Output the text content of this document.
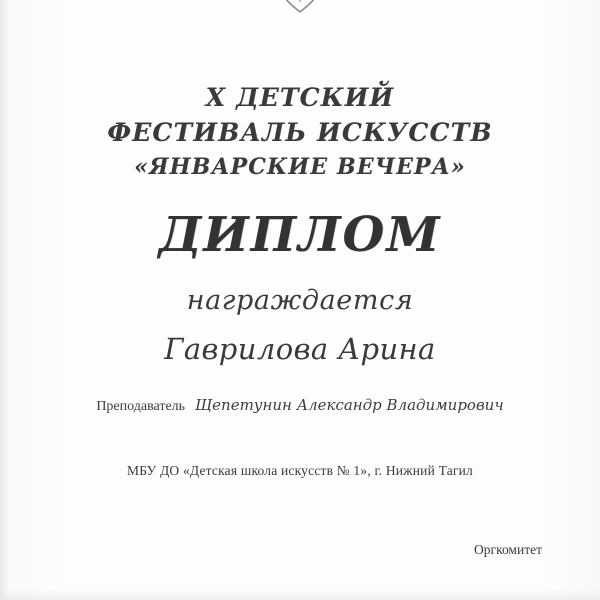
X ДЕТСКИЙ
ФЕСТИВАЛЬ ИСКУССТВ
«ЯНВАРСКИЕ ВЕЧЕРА»
ДИПЛОМ
награждается
Гаврилова Арина
Преподаватель Щепетунин Александр Владимирович
МБУ ДО «Детская школа искусств № 1», г. Нижний Тагил
Оргкомитет
